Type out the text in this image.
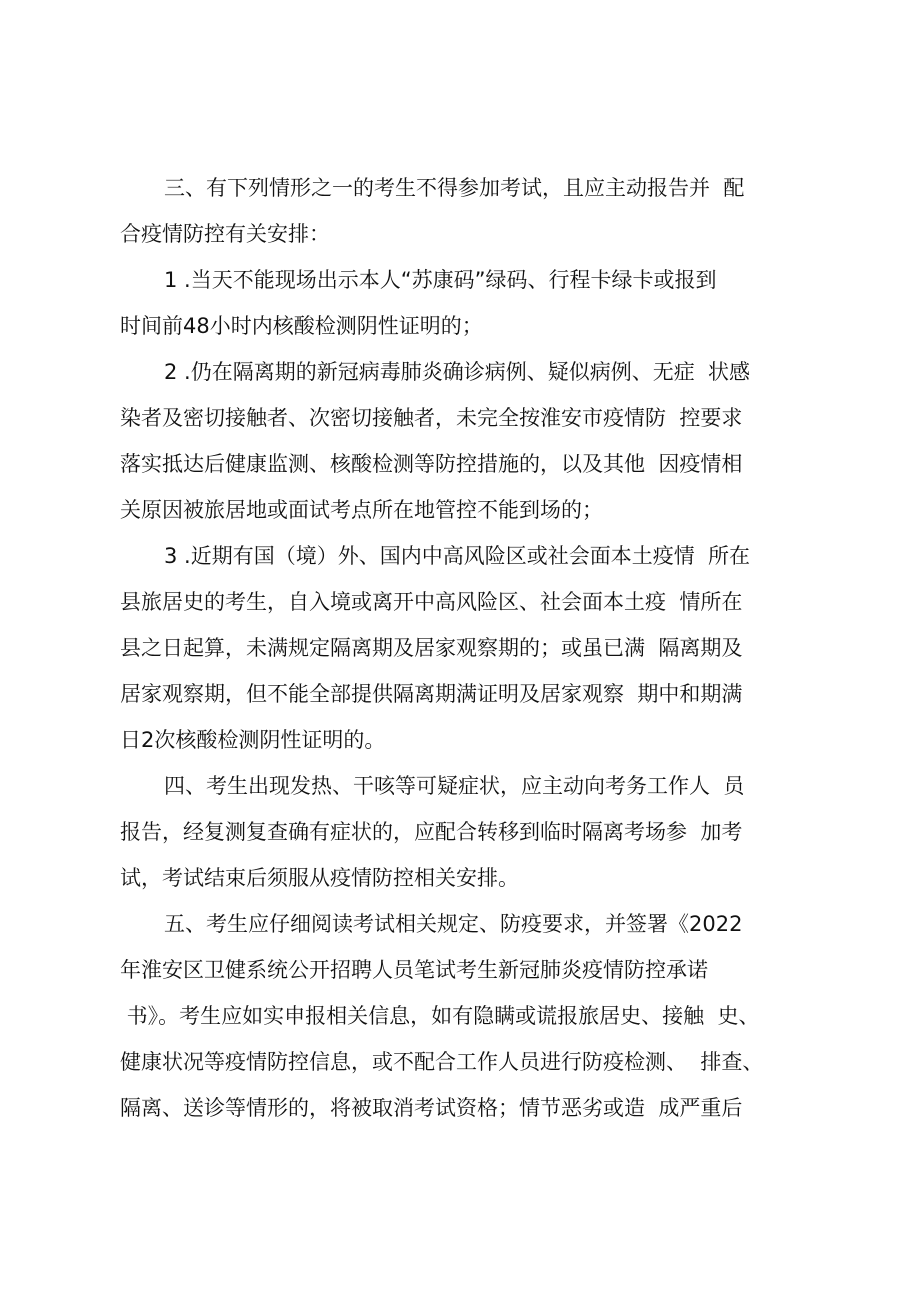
三、有下列情形之一的考生不得参加考试，且应主动报告并  配
合疫情防控有关安排：
1 .当天不能现场出示本人“苏康码”绿码、行程卡绿卡或报到
时间前48小时内核酸检测阴性证明的；
2 .仍在隔离期的新冠病毒肺炎确诊病例、疑似病例、无症  状感
染者及密切接触者、次密切接触者，未完全按淮安市疫情防  控要求
落实抵达后健康监测、核酸检测等防控措施的，以及其他  因疫情相
关原因被旅居地或面试考点所在地管控不能到场的；
3 .近期有国（境）外、国内中高风险区或社会面本土疫情  所在
县旅居史的考生，自入境或离开中高风险区、社会面本土疫  情所在
县之日起算，未满规定隔离期及居家观察期的；或虽已满  隔离期及
居家观察期，但不能全部提供隔离期满证明及居家观察  期中和期满
日2次核酸检测阴性证明的。
四、考生出现发热、干咳等可疑症状，应主动向考务工作人  员
报告，经复测复查确有症状的，应配合转移到临时隔离考场参  加考
试，考试结束后须服从疫情防控相关安排。
五、考生应仔细阅读考试相关规定、防疫要求，并签署《2022
年淮安区卫健系统公开招聘人员笔试考生新冠肺炎疫情防控承诺
书》。考生应如实申报相关信息，如有隐瞒或谎报旅居史、接触  史、
健康状况等疫情防控信息，或不配合工作人员进行防疫检测、  排查、
隔离、送诊等情形的，将被取消考试资格；情节恶劣或造  成严重后
